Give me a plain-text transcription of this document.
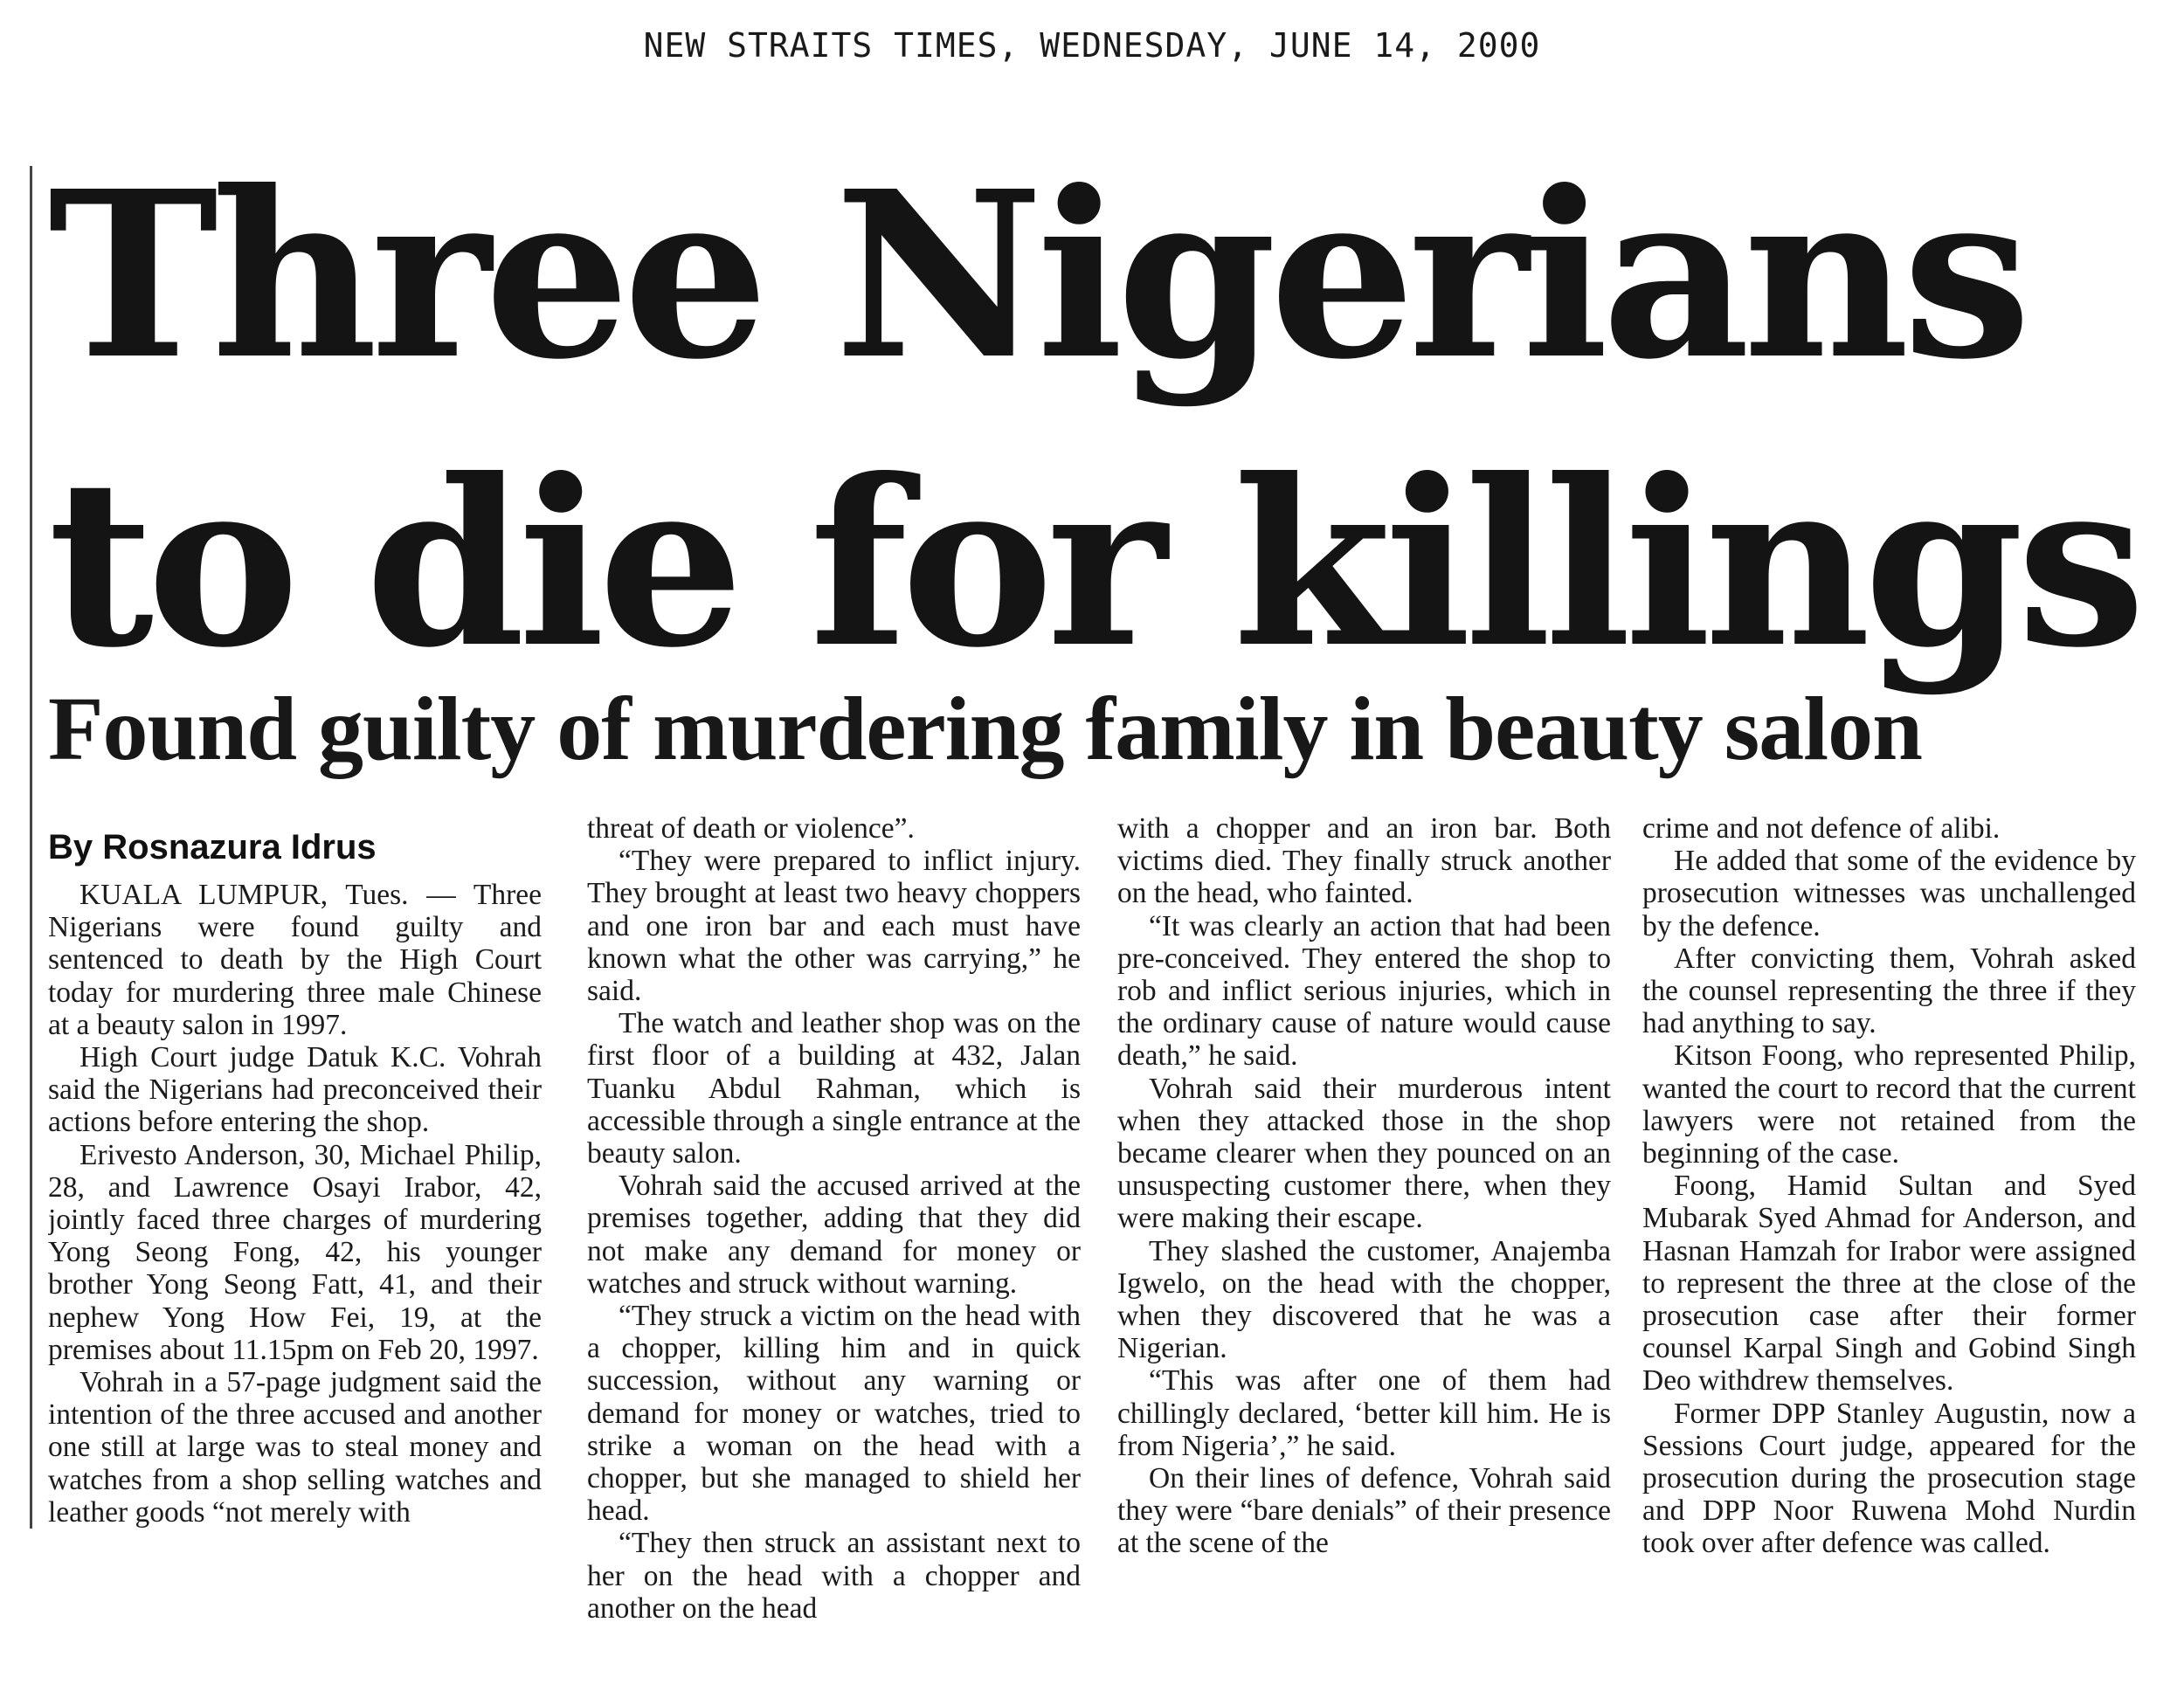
NEW STRAITS TIMES, WEDNESDAY, JUNE 14, 2000
Three Nigerians
to die for killings
Found guilty of murdering family in beauty salon
By Rosnazura Idrus

KUALA LUMPUR, Tues. — Three Nigerians were found guilty and sentenced to death by the High Court today for murdering three male Chinese at a beauty salon in 1997.

High Court judge Datuk K.C. Vohrah said the Nigerians had preconceived their actions before entering the shop.

Erivesto Anderson, 30, Michael Philip, 28, and Lawrence Osayi Irabor, 42, jointly faced three charges of murdering Yong Seong Fong, 42, his younger brother Yong Seong Fatt, 41, and their nephew Yong How Fei, 19, at the premises about 11.15pm on Feb 20, 1997.

Vohrah in a 57-page judgment said the intention of the three accused and another one still at large was to steal money and watches from a shop selling watches and leather goods “not merely with

threat of death or violence”.

“They were prepared to inflict injury. They brought at least two heavy choppers and one iron bar and each must have known what the other was carrying,” he said.

The watch and leather shop was on the first floor of a building at 432, Jalan Tuanku Abdul Rahman, which is accessible through a single entrance at the beauty salon.

Vohrah said the accused arrived at the premises together, adding that they did not make any demand for money or watches and struck without warning.

“They struck a victim on the head with a chopper, killing him and in quick succession, without any warning or demand for money or watches, tried to strike a woman on the head with a chopper, but she managed to shield her head.

“They then struck an assistant next to her on the head with a chopper and another on the head

with a chopper and an iron bar. Both victims died. They finally struck another on the head, who fainted.

“It was clearly an action that had been pre-conceived. They entered the shop to rob and inflict serious injuries, which in the ordinary cause of nature would cause death,” he said.

Vohrah said their murderous intent when they attacked those in the shop became clearer when they pounced on an unsuspecting customer there, when they were making their escape.

They slashed the customer, Anajemba Igwelo, on the head with the chopper, when they discovered that he was a Nigerian.

“This was after one of them had chillingly declared, ‘better kill him. He is from Nigeria’,” he said.

On their lines of defence, Vohrah said they were “bare denials” of their presence at the scene of the

crime and not defence of alibi.

He added that some of the evidence by prosecution witnesses was unchallenged by the defence.

After convicting them, Vohrah asked the counsel representing the three if they had anything to say.

Kitson Foong, who represented Philip, wanted the court to record that the current lawyers were not retained from the beginning of the case.

Foong, Hamid Sultan and Syed Mubarak Syed Ahmad for Anderson, and Hasnan Hamzah for Irabor were assigned to represent the three at the close of the prosecution case after their former counsel Karpal Singh and Gobind Singh Deo withdrew themselves.

Former DPP Stanley Augustin, now a Sessions Court judge, appeared for the prosecution during the prosecution stage and DPP Noor Ruwena Mohd Nurdin took over after defence was called.
